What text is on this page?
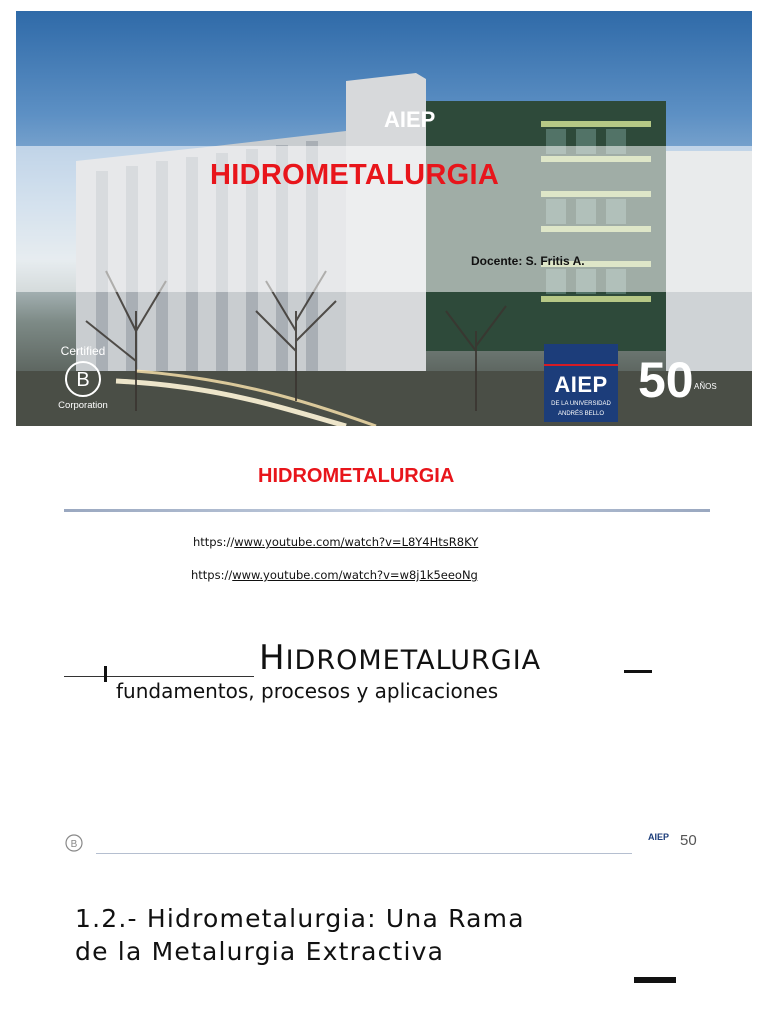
HIDROMETALURGIA
Docente: S. Fritis A.
AIEP
Certified
B
Corporation
AIEP
DE LA UNIVERSIDAD
ANDRÉS BELLO
50 AÑOS
HIDROMETALURGIA
https://www.youtube.com/watch?v=L8Y4HtsR8KY
https://www.youtube.com/watch?v=w8j1k5eeoNg
HIDROMETALURGIA
fundamentos, procesos y aplicaciones
B
AIEP 50
1.2.- Hidrometalurgia: Una Rama
de la Metalurgia Extractiva
